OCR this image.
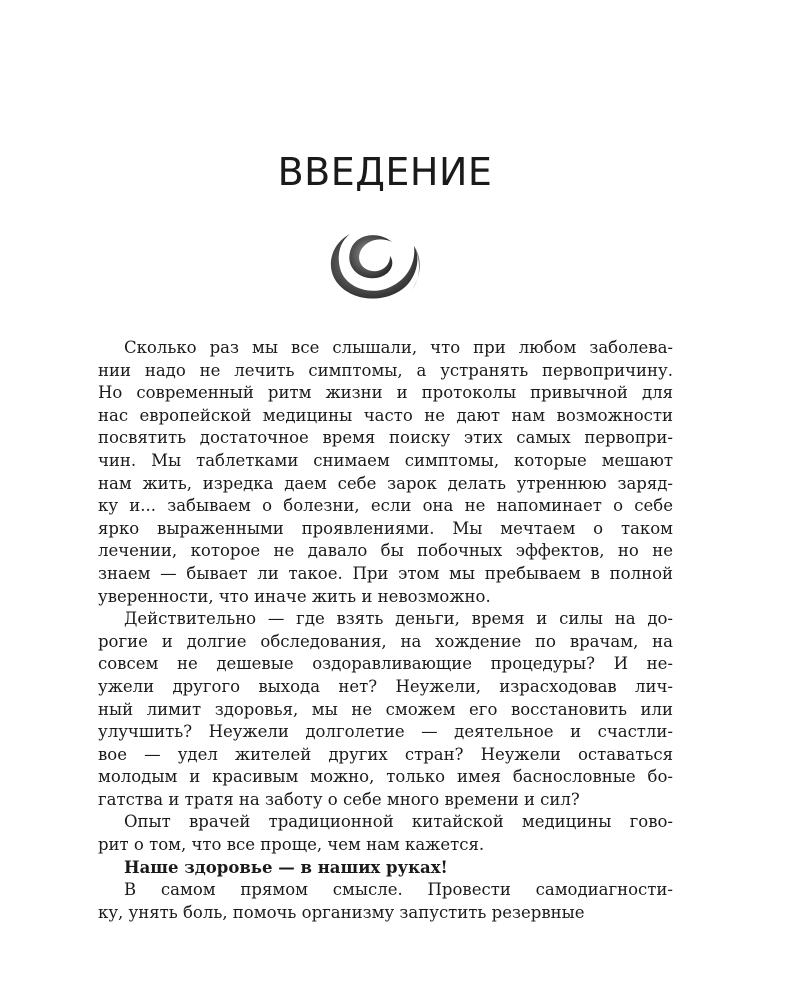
ВВЕДЕНИЕ
Сколько раз мы все слышали, что при любом заболева-
нии надо не лечить симптомы, а устранять первопричину.
Но современный ритм жизни и протоколы привычной для
нас европейской медицины часто не дают нам возможности
посвятить достаточное время поиску этих самых первопри-
чин. Мы таблетками снимаем симптомы, которые мешают
нам жить, изредка даем себе зарок делать утреннюю заряд-
ку и... забываем о болезни, если она не напоминает о себе
ярко выраженными проявлениями. Мы мечтаем о таком
лечении, которое не давало бы побочных эффектов, но не
знаем — бывает ли такое. При этом мы пребываем в полной
уверенности, что иначе жить и невозможно.
Действительно — где взять деньги, время и силы на до-
рогие и долгие обследования, на хождение по врачам, на
совсем не дешевые оздоравливающие процедуры? И не-
ужели другого выхода нет? Неужели, израсходовав лич-
ный лимит здоровья, мы не сможем его восстановить или
улучшить? Неужели долголетие — деятельное и счастли-
вое — удел жителей других стран? Неужели оставаться
молодым и красивым можно, только имея баснословные бо-
гатства и тратя на заботу о себе много времени и сил?
Опыт врачей традиционной китайской медицины гово-
рит о том, что все проще, чем нам кажется.
Наше здоровье — в наших руках!
В самом прямом смысле. Провести самодиагности-
ку, унять боль, помочь организму запустить резервные
